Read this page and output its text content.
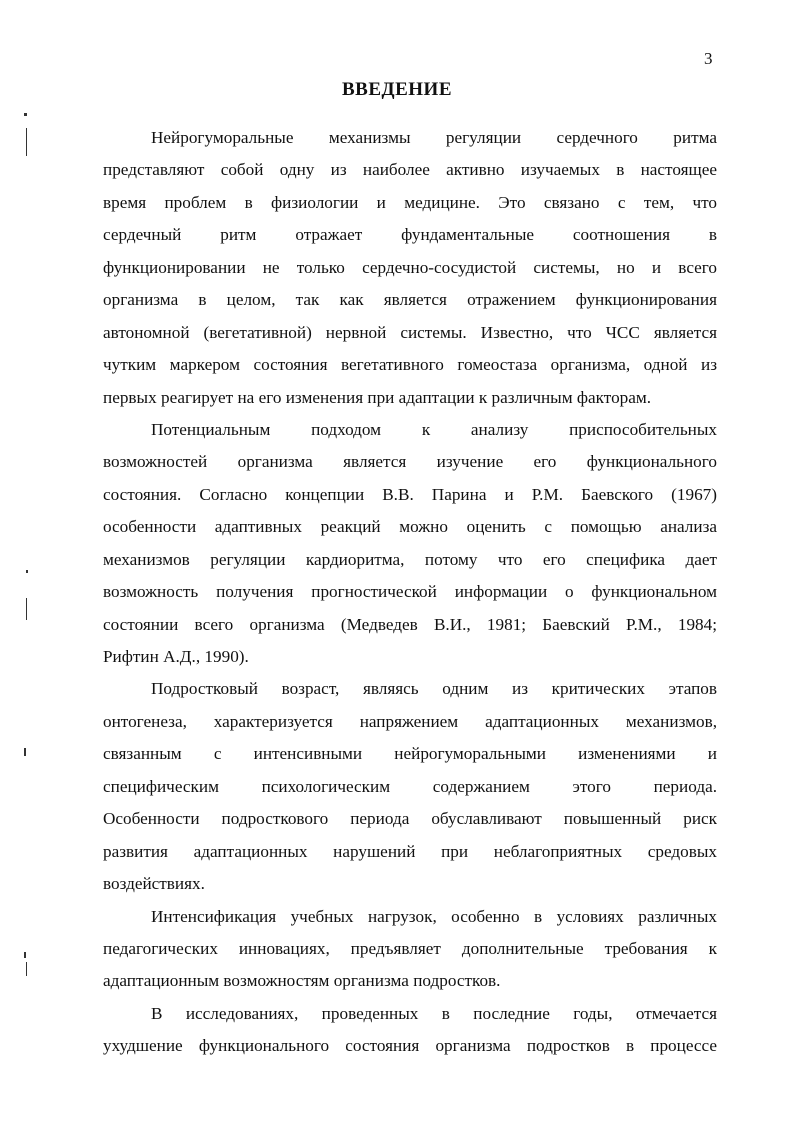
3
ВВЕДЕНИЕ
Нейрогуморальные механизмы регуляции сердечного ритма
представляют собой одну из наиболее активно изучаемых в настоящее
время проблем в физиологии и медицине. Это связано с тем, что
сердечный ритм отражает фундаментальные соотношения в
функционировании не только сердечно-сосудистой системы, но и всего
организма в целом, так как является отражением функционирования
автономной (вегетативной) нервной системы. Известно, что ЧСС является
чутким маркером состояния вегетативного гомеостаза организма, одной из
первых реагирует на его изменения при адаптации к различным факторам.
Потенциальным подходом к анализу приспособительных
возможностей организма является изучение его функционального
состояния. Согласно концепции В.В. Парина и Р.М. Баевского (1967)
особенности адаптивных реакций можно оценить с помощью анализа
механизмов регуляции кардиоритма, потому что его специфика дает
возможность получения прогностической информации о функциональном
состоянии всего организма (Медведев В.И., 1981; Баевский Р.М., 1984;
Рифтин А.Д., 1990).
Подростковый возраст, являясь одним из критических этапов
онтогенеза, характеризуется напряжением адаптационных механизмов,
связанным с интенсивными нейрогуморальными изменениями и
специфическим психологическим содержанием этого периода.
Особенности подросткового периода обуславливают повышенный риск
развития адаптационных нарушений при неблагоприятных средовых
воздействиях.
Интенсификация учебных нагрузок, особенно в условиях различных
педагогических инновациях, предъявляет дополнительные требования к
адаптационным возможностям организма подростков.
В исследованиях, проведенных в последние годы, отмечается
ухудшение функционального состояния организма подростков в процессе
